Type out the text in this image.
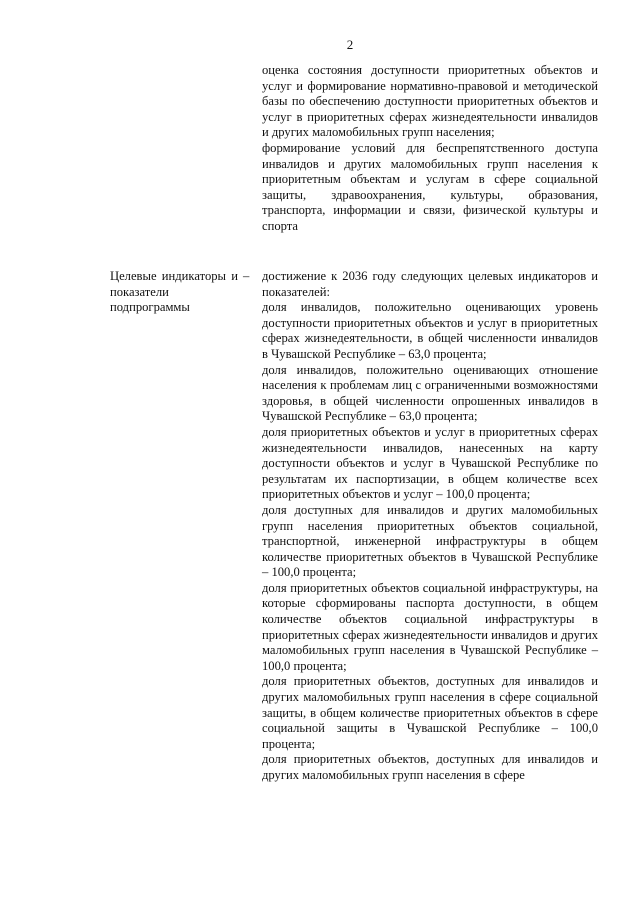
2

оценка состояния доступности приоритетных объектов и услуг и формирование нормативно-правовой и методической базы по обеспечению доступности приоритетных объектов и услуг в приоритетных сферах жизнедеятельности инвалидов и других маломобильных групп населения;

формирование условий для беспрепятственного доступа инвалидов и других маломобильных групп населения к приоритетным объектам и услугам в сфере социальной защиты, здравоохранения, культуры, образования, транспорта, информации и связи, физической культуры и спорта

Целевые индикаторы и показатели подпрограммы
– достижение к 2036 году следующих целевых индикаторов и показателей:

доля инвалидов, положительно оценивающих уровень доступности приоритетных объектов и услуг в приоритетных сферах жизнедеятельности, в общей численности инвалидов в Чувашской Республике – 63,0 процента;

доля инвалидов, положительно оценивающих отношение населения к проблемам лиц с ограниченными возможностями здоровья, в общей численности опрошенных инвалидов в Чувашской Республике – 63,0 процента;

доля приоритетных объектов и услуг в приоритетных сферах жизнедеятельности инвалидов, нанесенных на карту доступности объектов и услуг в Чувашской Республике по результатам их паспортизации, в общем количестве всех приоритетных объектов и услуг – 100,0 процента;

доля доступных для инвалидов и других маломобильных групп населения приоритетных объектов социальной, транспортной, инженерной инфраструктуры в общем количестве приоритетных объектов в Чувашской Республике – 100,0 процента;

доля приоритетных объектов социальной инфраструктуры, на которые сформированы паспорта доступности, в общем количестве объектов социальной инфраструктуры в приоритетных сферах жизнедеятельности инвалидов и других маломобильных групп населения в Чувашской Республике – 100,0 процента;

доля приоритетных объектов, доступных для инвалидов и других маломобильных групп населения в сфере социальной защиты, в общем количестве приоритетных объектов в сфере социальной защиты в Чувашской Республике – 100,0 процента;

доля приоритетных объектов, доступных для инвалидов и других маломобильных групп населения в сфере
